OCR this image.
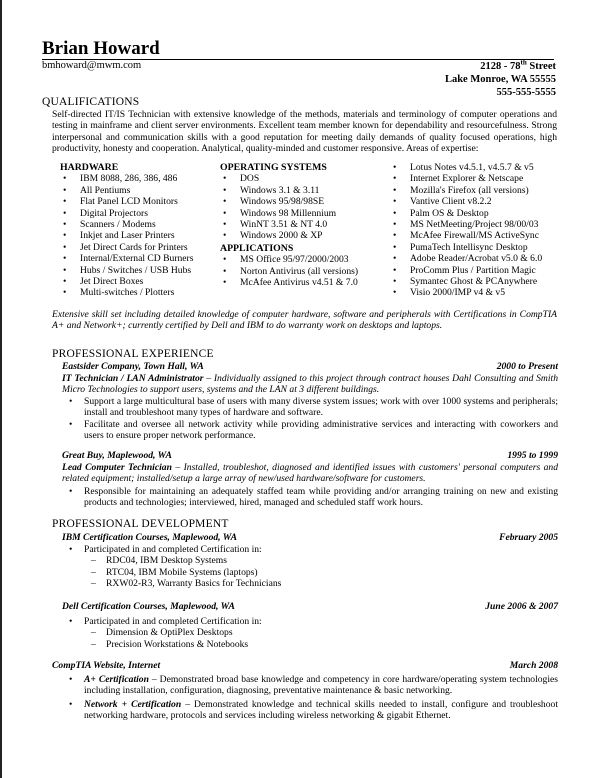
Brian Howard
bmhoward@mwm.com	2128 - 78th Street
Lake Monroe, WA 55555
555-555-5555
QUALIFICATIONS
Self-directed IT/IS Technician with extensive knowledge of the methods, materials and terminology of computer operations and testing in mainframe and client server environments. Excellent team member known for dependability and resourcefulness. Strong interpersonal and communication skills with a good reputation for meeting daily demands of quality focused operations, high productivity, honesty and cooperation. Analytical, quality-minded and customer responsive. Areas of expertise:
HARDWARE
• IBM 8088, 286, 386, 486
• All Pentiums
• Flat Panel LCD Monitors
• Digital Projectors
• Scanners / Modems
• Inkjet and Laser Printers
• Jet Direct Cards for Printers
• Internal/External CD Burners
• Hubs / Switches / USB Hubs
• Jet Direct Boxes
• Multi-switches / Plotters
OPERATING SYSTEMS
• DOS
• Windows 3.1 & 3.11
• Windows 95/98/98SE
• Windows 98 Millennium
• WinNT 3.51 & NT 4.0
• Windows 2000 & XP
APPLICATIONS
• MS Office 95/97/2000/2003
• Norton Antivirus (all versions)
• McAfee Antivirus v4.51 & 7.0
• Lotus Notes v4.5.1, v4.5.7 & v5
• Internet Explorer & Netscape
• Mozilla's Firefox (all versions)
• Vantive Client v8.2.2
• Palm OS & Desktop
• MS NetMeeting/Project 98/00/03
• McAfee Firewall/MS ActiveSync
• PumaTech Intellisync Desktop
• Adobe Reader/Acrobat v5.0 & 6.0
• ProComm Plus / Partition Magic
• Symantec Ghost & PCAnywhere
• Visio 2000/IMP v4 & v5
Extensive skill set including detailed knowledge of computer hardware, software and peripherals with Certifications in CompTIA A+ and Network+; currently certified by Dell and IBM to do warranty work on desktops and laptops.
PROFESSIONAL EXPERIENCE
Eastsider Company, Town Hall, WA	2000 to Present
IT Technician / LAN Administrator – Individually assigned to this project through contract houses Dahl Consulting and Smith Micro Technologies to support users, systems and the LAN at 3 different buildings.
• Support a large multicultural base of users with many diverse system issues; work with over 1000 systems and peripherals; install and troubleshoot many types of hardware and software.
• Facilitate and oversee all network activity while providing administrative services and interacting with coworkers and users to ensure proper network performance.
Great Buy, Maplewood, WA	1995 to 1999
Lead Computer Technician – Installed, troubleshot, diagnosed and identified issues with customers' personal computers and related equipment; installed/setup a large array of new/used hardware/software for customers.
• Responsible for maintaining an adequately staffed team while providing and/or arranging training on new and existing products and technologies; interviewed, hired, managed and scheduled staff work hours.
PROFESSIONAL DEVELOPMENT
IBM Certification Courses, Maplewood, WA	February 2005
• Participated in and completed Certification in:
– RDC04, IBM Desktop Systems
– RTC04, IBM Mobile Systems (laptops)
– RXW02-R3, Warranty Basics for Technicians
Dell Certification Courses, Maplewood, WA	June 2006 & 2007
• Participated in and completed Certification in:
– Dimension & OptiPlex Desktops
– Precision Workstations & Notebooks
CompTIA Website, Internet	March 2008
• A+ Certification – Demonstrated broad base knowledge and competency in core hardware/operating system technologies including installation, configuration, diagnosing, preventative maintenance & basic networking.
• Network + Certification – Demonstrated knowledge and technical skills needed to install, configure and troubleshoot networking hardware, protocols and services including wireless networking & gigabit Ethernet.
